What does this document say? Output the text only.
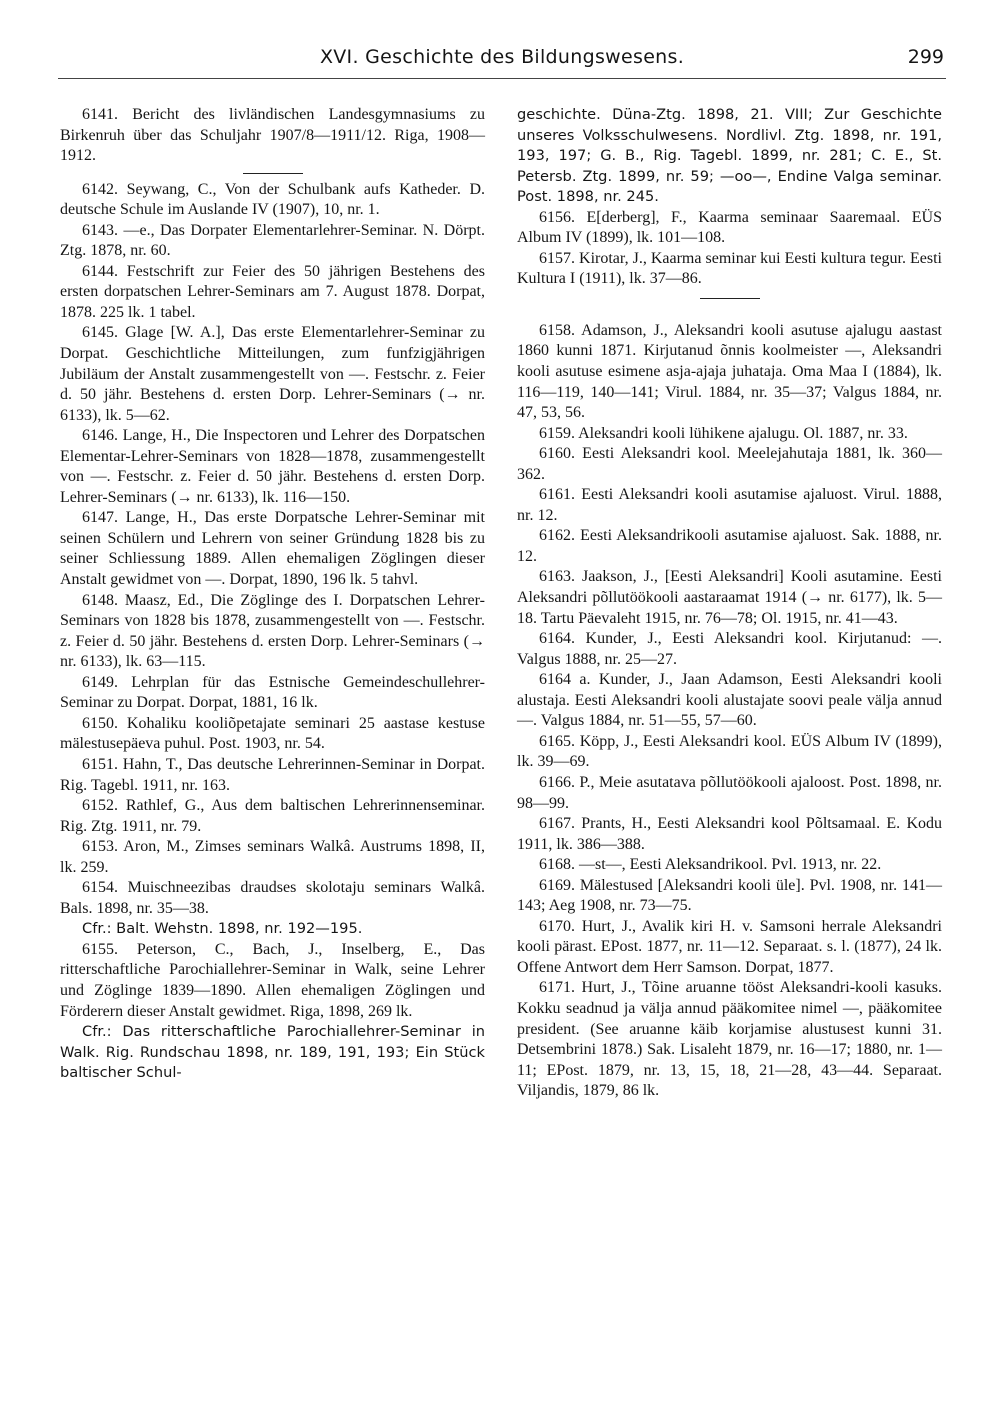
XVI. Geschichte des Bildungswesens.	299

6141. Bericht des livländischen Landesgymnasiums zu Birkenruh über das Schuljahr 1907/8—1911/12. Riga, 1908—1912.

6142. Seywang, C., Von der Schulbank aufs Katheder. D. deutsche Schule im Auslande IV (1907), 10, nr. 1.

6143. —e., Das Dorpater Elementarlehrer-Seminar. N. Dörpt. Ztg. 1878, nr. 60.

6144. Festschrift zur Feier des 50 jährigen Bestehens des ersten dorpatschen Lehrer-Seminars am 7. August 1878. Dorpat, 1878. 225 lk. 1 tabel.

6145. Glage [W. A.], Das erste Elementarlehrer-Seminar zu Dorpat. Geschichtliche Mitteilungen, zum funfzigjährigen Jubiläum der Anstalt zusammengestellt von —. Festschr. z. Feier d. 50 jähr. Bestehens d. ersten Dorp. Lehrer-Seminars (→ nr. 6133), lk. 5—62.

6146. Lange, H., Die Inspectoren und Lehrer des Dorpatschen Elementar-Lehrer-Seminars von 1828—1878, zusammengestellt von —. Festschr. z. Feier d. 50 jähr. Bestehens d. ersten Dorp. Lehrer-Seminars (→ nr. 6133), lk. 116—150.

6147. Lange, H., Das erste Dorpatsche Lehrer-Seminar mit seinen Schülern und Lehrern von seiner Gründung 1828 bis zu seiner Schliessung 1889. Allen ehemaligen Zöglingen dieser Anstalt gewidmet von —. Dorpat, 1890, 196 lk. 5 tahvl.

6148. Maasz, Ed., Die Zöglinge des I. Dorpatschen Lehrer-Seminars von 1828 bis 1878, zusammengestellt von —. Festschr. z. Feier d. 50 jähr. Bestehens d. ersten Dorp. Lehrer-Seminars (→ nr. 6133), lk. 63—115.

6149. Lehrplan für das Estnische Gemeindeschullehrer-Seminar zu Dorpat. Dorpat, 1881, 16 lk.

6150. Kohaliku kooliõpetajate seminari 25 aastase kestuse mälestusepäeva puhul. Post. 1903, nr. 54.

6151. Hahn, T., Das deutsche Lehrerinnen-Seminar in Dorpat. Rig. Tagebl. 1911, nr. 163.

6152. Rathlef, G., Aus dem baltischen Lehrerinnenseminar. Rig. Ztg. 1911, nr. 79.

6153. Aron, M., Zimses seminars Walkâ. Austrums 1898, II, lk. 259.

6154. Muischneezibas draudses skolotaju seminars Walkâ. Bals. 1898, nr. 35—38.

Cfr.: Balt. Wehstn. 1898, nr. 192—195.

6155. Peterson, C., Bach, J., Inselberg, E., Das ritterschaftliche Parochiallehrer-Seminar in Walk, seine Lehrer und Zöglinge 1839—1890. Allen ehemaligen Zöglingen und Förderern dieser Anstalt gewidmet. Riga, 1898, 269 lk.

Cfr.: Das ritterschaftliche Parochiallehrer-Seminar in Walk. Rig. Rundschau 1898, nr. 189, 191, 193; Ein Stück baltischer Schul-

geschichte. Düna-Ztg. 1898, 21. VIII; Zur Geschichte unseres Volksschulwesens. Nordlivl. Ztg. 1898, nr. 191, 193, 197; G. B., Rig. Tagebl. 1899, nr. 281; C. E., St. Petersb. Ztg. 1899, nr. 59; —oo—, Endine Valga seminar. Post. 1898, nr. 245.

6156. E[derberg], F., Kaarma seminaar Saaremaal. EÜS Album IV (1899), lk. 101—108.

6157. Kirotar, J., Kaarma seminar kui Eesti kultura tegur. Eesti Kultura I (1911), lk. 37—86.

6158. Adamson, J., Aleksandri kooli asutuse ajalugu aastast 1860 kunni 1871. Kirjutanud õnnis koolmeister —, Aleksandri kooli asutuse esimene asja-ajaja juhataja. Oma Maa I (1884), lk. 116—119, 140—141; Virul. 1884, nr. 35—37; Valgus 1884, nr. 47, 53, 56.

6159. Aleksandri kooli lühikene ajalugu. Ol. 1887, nr. 33.

6160. Eesti Aleksandri kool. Meelejahutaja 1881, lk. 360—362.

6161. Eesti Aleksandri kooli asutamise ajaluost. Virul. 1888, nr. 12.

6162. Eesti Aleksandrikooli asutamise ajaluost. Sak. 1888, nr. 12.

6163. Jaakson, J., [Eesti Aleksandri] Kooli asutamine. Eesti Aleksandri põllutöökooli aastaraamat 1914 (→ nr. 6177), lk. 5—18. Tartu Päevaleht 1915, nr. 76—78; Ol. 1915, nr. 41—43.

6164. Kunder, J., Eesti Aleksandri kool. Kirjutanud: —. Valgus 1888, nr. 25—27.

6164 a. Kunder, J., Jaan Adamson, Eesti Aleksandri kooli alustaja. Eesti Aleksandri kooli alustajate soovi peale välja annud —. Valgus 1884, nr. 51—55, 57—60.

6165. Köpp, J., Eesti Aleksandri kool. EÜS Album IV (1899), lk. 39—69.

6166. P., Meie asutatava põllutöökooli ajaloost. Post. 1898, nr. 98—99.

6167. Prants, H., Eesti Aleksandri kool Põltsamaal. E. Kodu 1911, lk. 386—388.

6168. —st—, Eesti Aleksandrikool. Pvl. 1913, nr. 22.

6169. Mälestused [Aleksandri kooli üle]. Pvl. 1908, nr. 141—143; Aeg 1908, nr. 73—75.

6170. Hurt, J., Avalik kiri H. v. Samsoni herrale Aleksandri kooli pärast. EPost. 1877, nr. 11—12. Separaat. s. l. (1877), 24 lk. Offene Antwort dem Herr Samson. Dorpat, 1877.

6171. Hurt, J., Tõine aruanne tööst Aleksandri-kooli kasuks. Kokku seadnud ja välja annud pääkomitee nimel —, pääkomitee president. (See aruanne käib korjamise alustusest kunni 31. Detsembrini 1878.) Sak. Lisaleht 1879, nr. 16—17; 1880, nr. 1—11; EPost. 1879, nr. 13, 15, 18, 21—28, 43—44. Separaat. Viljandis, 1879, 86 lk.
